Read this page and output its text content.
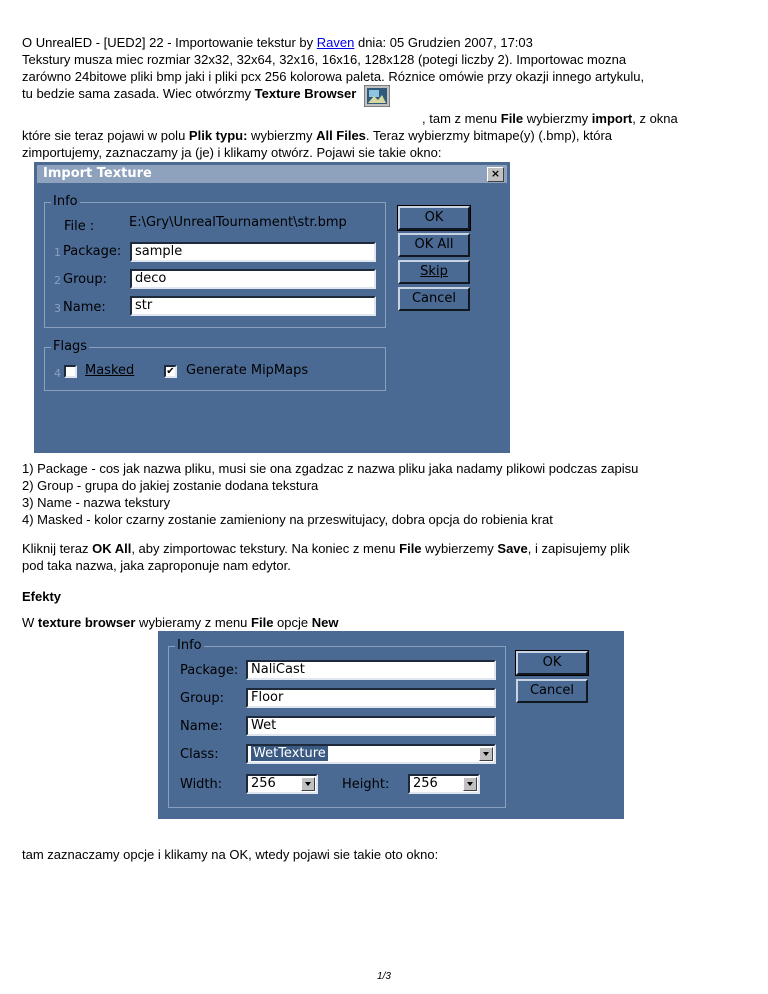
O UnrealED - [UED2] 22 - Importowanie tekstur by Raven dnia: 05 Grudzien 2007, 17:03
Tekstury musza miec rozmiar 32x32, 32x64, 32x16, 16x16, 128x128 (potegi liczby 2). Importowac mozna
zarówno 24bitowe pliki bmp jaki i pliki pcx 256 kolorowa paleta. Róznice omówie przy okazji innego artykulu,
tu bedzie sama zasada. Wiec otwórzmy Texture Browser
, tam z menu File wybierzmy import, z okna
które sie teraz pojawi w polu Plik typu: wybierzmy All Files. Teraz wybierzmy bitmape(y) (.bmp), która
zimportujemy, zaznaczamy ja (je) i klikamy otwórz. Pojawi sie takie okno:
Import Texture	×
Info
File :	E:\Gry\UnrealTournament\str.bmp
1 Package:	sample
2 Group:	deco
3 Name:	str
Flags
4 Masked	✔ Generate MipMaps
OK
OK All
Skip
Cancel
1) Package - cos jak nazwa pliku, musi sie ona zgadzac z nazwa pliku jaka nadamy plikowi podczas zapisu
2) Group - grupa do jakiej zostanie dodana tekstura
3) Name - nazwa tekstury
4) Masked - kolor czarny zostanie zamieniony na przeswitujacy, dobra opcja do robienia krat
Kliknij teraz OK All, aby zimportowac tekstury. Na koniec z menu File wybierzemy Save, i zapisujemy plik
pod taka nazwa, jaka zaproponuje nam edytor.
Efekty
W texture browser wybieramy z menu File opcje New
Info
Package: NaliCast
Group:	Floor
Name:	Wet
Class:	WetTexture
Width:	256	Height:	256
OK
Cancel
tam zaznaczamy opcje i klikamy na OK, wtedy pojawi sie takie oto okno:
1/3
